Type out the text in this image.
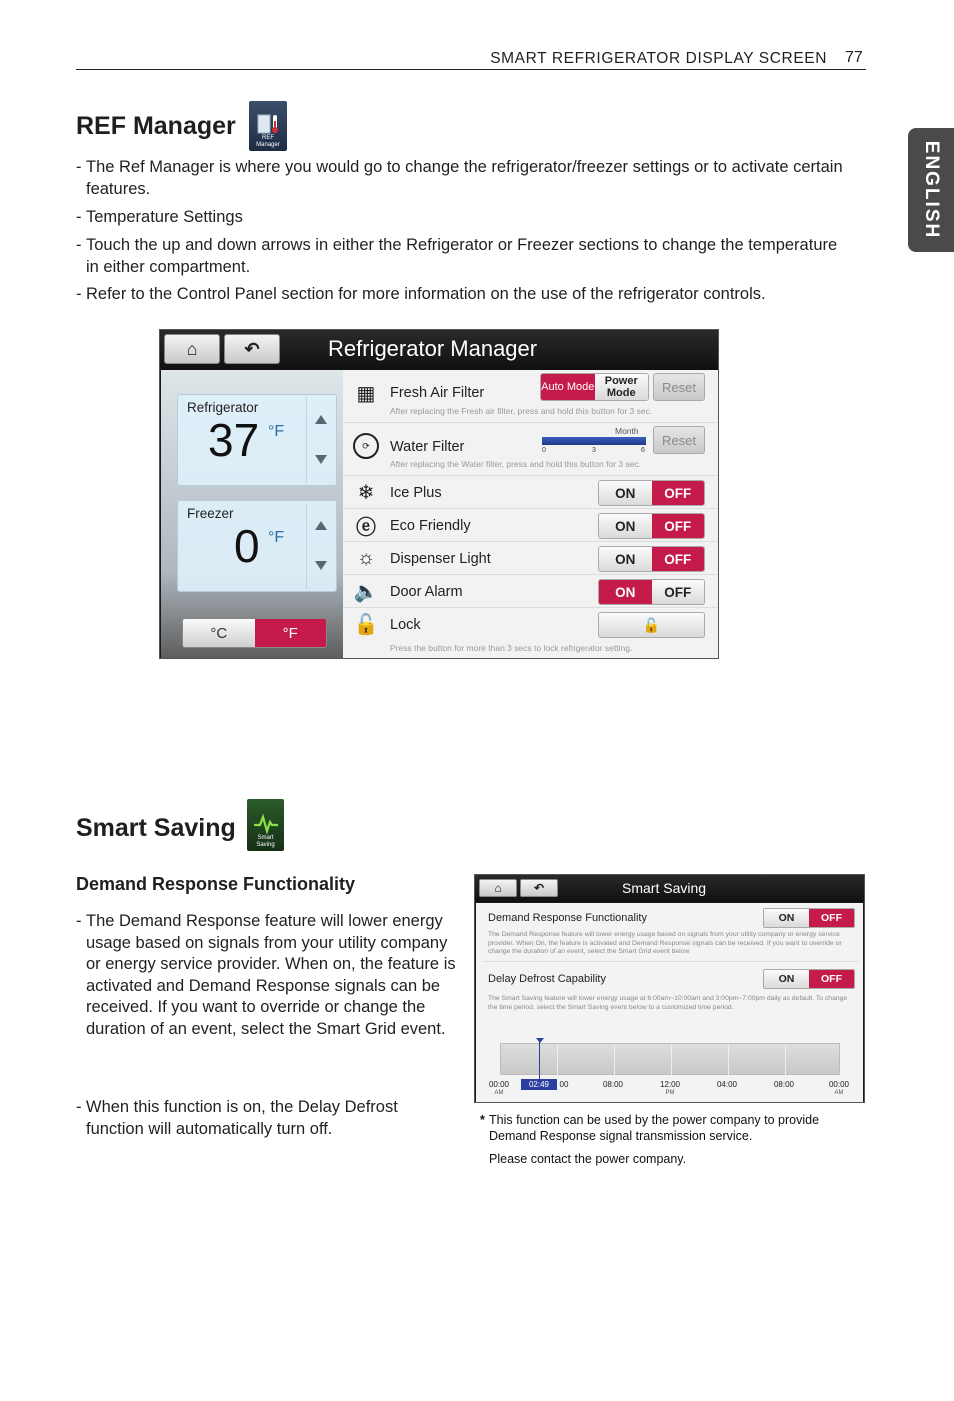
SMART REFRIGERATOR DISPLAY SCREEN 77
ENGLISH
REF Manager	REF
Manager
- The Ref Manager is where you would go to change the refrigerator/freezer settings or to activate certain features.
- Temperature Settings
- Touch the up and down arrows in either the Refrigerator or Freezer sections to change the temperature in either compartment.
- Refer to the Control Panel section for more information on the use of the refrigerator controls.
⌂	↶	Refrigerator Manager
Refrigerator
37 °F
Freezer
0 °F
°C	°F
▦ Fresh Air Filter	Auto Mode Power Mode	Reset
After replacing the Fresh air filter, press and hold this button for 3 sec.
⟳	Water Filter
Month
0	3	6
Reset
After replacing the Water filter, press and hold this button for 3 sec.
❄	Ice Plus	ON	OFF
ⓔ Eco Friendly	ON	OFF
☼ Dispenser Light	ON	OFF
🔈 Door Alarm	ON	OFF
🔓 Lock	🔓
Press the button for more than 3 secs to lock refrigerator setting.
Smart Saving	Smart
Saving
Demand Response Functionality
- The Demand Response feature will lower energy usage based on signals from your utility company or energy service provider. When on, the feature is activated and Demand Response signals can be received. If you want to override or change the duration of an event, select the Smart Grid event.
- When this function is on, the Delay Defrost function will automatically turn off.
⌂	↶	Smart Saving
Demand Response Functionality	ON	OFF
The Demand Response feature will lower energy usage based on signals from your utility company or energy service provider. When On, the feature is activated and Demand Response signals can be received. If you want to override or change the duration of an event, select the Smart Grid event below
Delay Defrost Capability	ON	OFF
The Smart Saving feature will lower energy usage at 6:00am~10:00am and 3:00pm~7:00pm daily as default. To change the time period, select the Smart Saving event below to a customized time period.
00:00
AM
00	08:00	12:00
PM
04:00	08:00	00:00
AM
02:49
* This function can be used by the power company to provide Demand Response signal transmission service.
Please contact the power company.
